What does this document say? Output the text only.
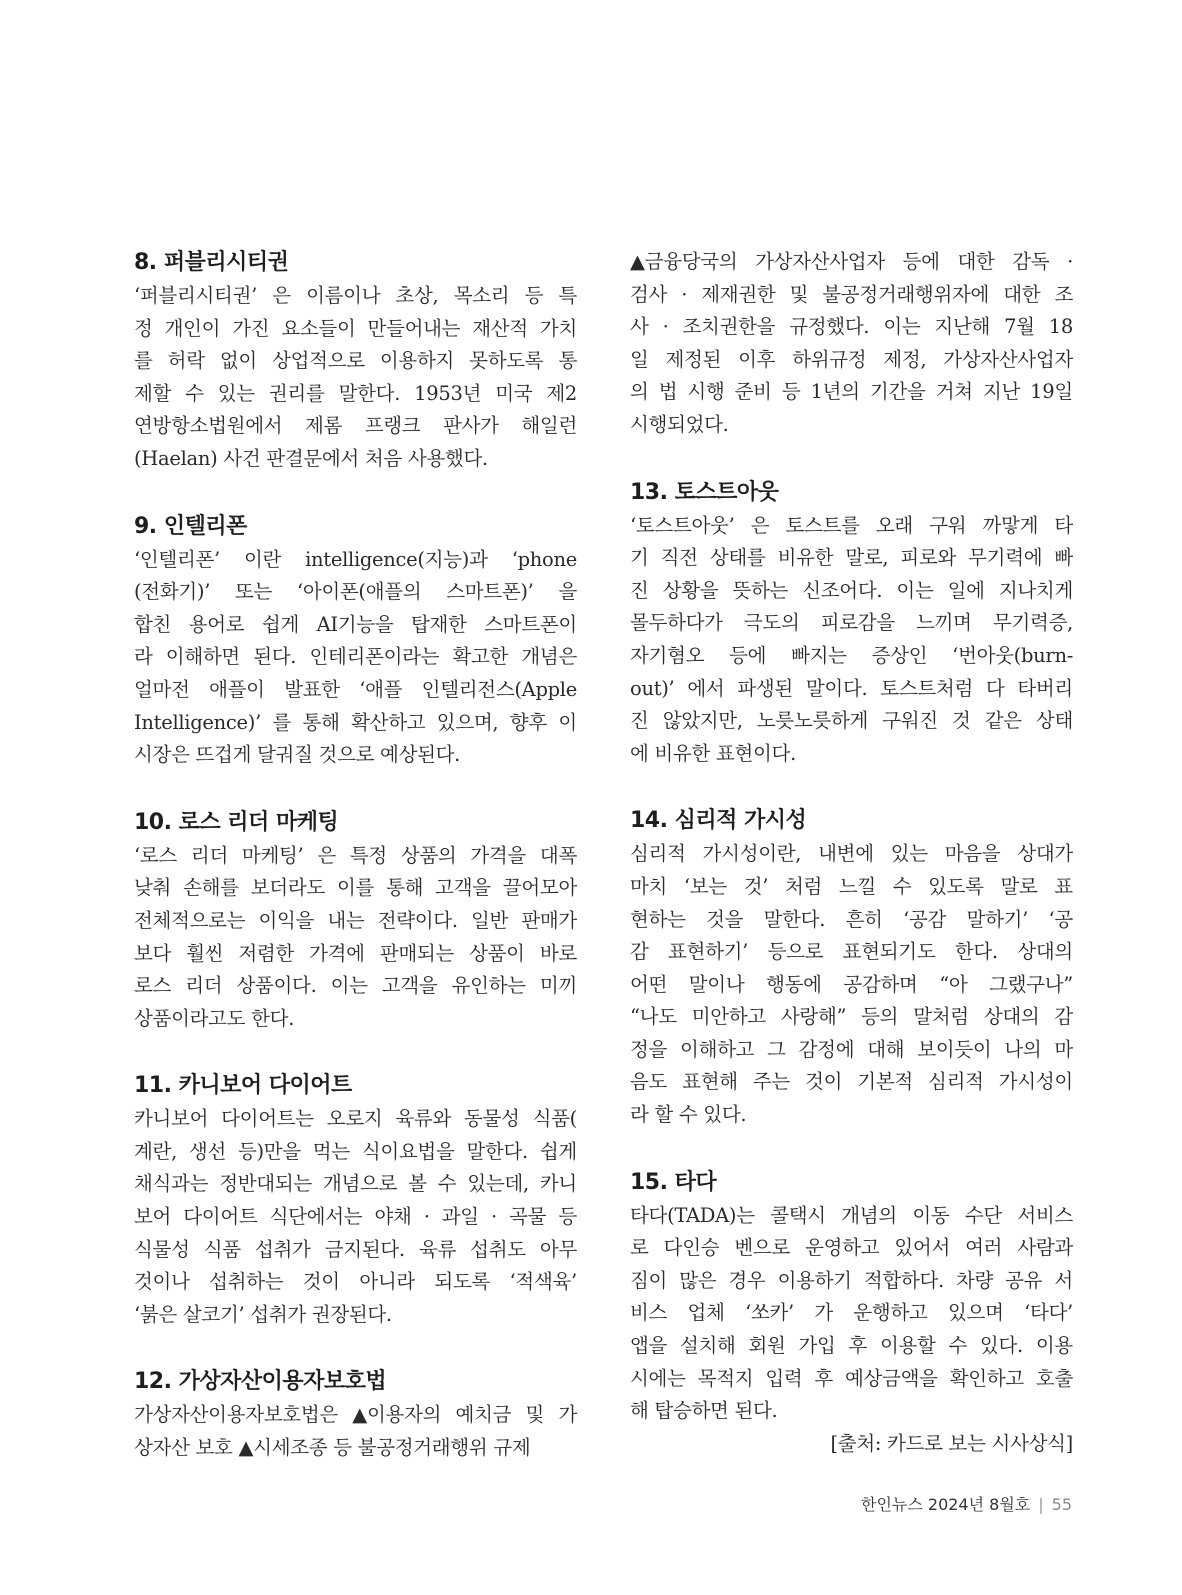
8. 퍼블리시티권
‘퍼블리시티권’ 은 이름이나 초상, 목소리 등 특
정 개인이 가진 요소들이 만들어내는 재산적 가치
를 허락 없이 상업적으로 이용하지 못하도록 통
제할 수 있는 권리를 말한다. 1953년 미국 제2
연방항소법원에서 제롬 프랭크 판사가 해일런
(Haelan) 사건 판결문에서 처음 사용했다.
9. 인텔리폰
‘인텔리폰’ 이란 intelligence(지능)과 ‘phone
(전화기)’ 또는 ‘아이폰(애플의 스마트폰)’ 을
합친 용어로 쉽게 AI기능을 탑재한 스마트폰이
라 이해하면 된다. 인테리폰이라는 확고한 개념은
얼마전 애플이 발표한 ‘애플 인텔리전스(Apple
Intelligence)’ 를 통해 확산하고 있으며, 향후 이
시장은 뜨겁게 달궈질 것으로 예상된다.
10. 로스 리더 마케팅
‘로스 리더 마케팅’ 은 특정 상품의 가격을 대폭
낮춰 손해를 보더라도 이를 통해 고객을 끌어모아
전체적으로는 이익을 내는 전략이다. 일반 판매가
보다 훨씬 저렴한 가격에 판매되는 상품이 바로
로스 리더 상품이다. 이는 고객을 유인하는 미끼
상품이라고도 한다.
11. 카니보어 다이어트
카니보어 다이어트는 오로지 육류와 동물성 식품(
계란, 생선 등)만을 먹는 식이요법을 말한다. 쉽게
채식과는 정반대되는 개념으로 볼 수 있는데, 카니
보어 다이어트 식단에서는 야채 · 과일 · 곡물 등
식물성 식품 섭취가 금지된다. 육류 섭취도 아무
것이나 섭취하는 것이 아니라 되도록 ‘적색육’
‘붉은 살코기’ 섭취가 권장된다.
12. 가상자산이용자보호법
가상자산이용자보호법은 ▲이용자의 예치금 및 가
상자산 보호 ▲시세조종 등 불공정거래행위 규제
▲금융당국의 가상자산사업자 등에 대한 감독 ·
검사 · 제재권한 및 불공정거래행위자에 대한 조
사 · 조치권한을 규정했다. 이는 지난해 7월 18
일 제정된 이후 하위규정 제정, 가상자산사업자
의 법 시행 준비 등 1년의 기간을 거쳐 지난 19일
시행되었다.
13. 토스트아웃
‘토스트아웃’ 은 토스트를 오래 구워 까맣게 타
기 직전 상태를 비유한 말로, 피로와 무기력에 빠
진 상황을 뜻하는 신조어다. 이는 일에 지나치게
몰두하다가 극도의 피로감을 느끼며 무기력증,
자기혐오 등에 빠지는 증상인 ‘번아웃(burn-
out)’ 에서 파생된 말이다. 토스트처럼 다 타버리
진 않았지만, 노릇노릇하게 구워진 것 같은 상태
에 비유한 표현이다.
14. 심리적 가시성
심리적 가시성이란, 내변에 있는 마음을 상대가
마치 ‘보는 것’ 처럼 느낄 수 있도록 말로 표
현하는 것을 말한다. 흔히 ‘공감 말하기’ ‘공
감 표현하기’ 등으로 표현되기도 한다. 상대의
어떤 말이나 행동에 공감하며 “아 그랬구나”
“나도 미안하고 사랑해” 등의 말처럼 상대의 감
정을 이해하고 그 감정에 대해 보이듯이 나의 마
음도 표현해 주는 것이 기본적 심리적 가시성이
라 할 수 있다.
15. 타다
타다(TADA)는 콜택시 개념의 이동 수단 서비스
로 다인승 벤으로 운영하고 있어서 여러 사람과
짐이 많은 경우 이용하기 적합하다. 차량 공유 서
비스 업체 ‘쏘카’ 가 운행하고 있으며 ‘타다’
앱을 설치해 회원 가입 후 이용할 수 있다. 이용
시에는 목적지 입력 후 예상금액을 확인하고 호출
해 탑승하면 된다.
[출처: 카드로 보는 시사상식]
한인뉴스 2024년 8월호 | 55
